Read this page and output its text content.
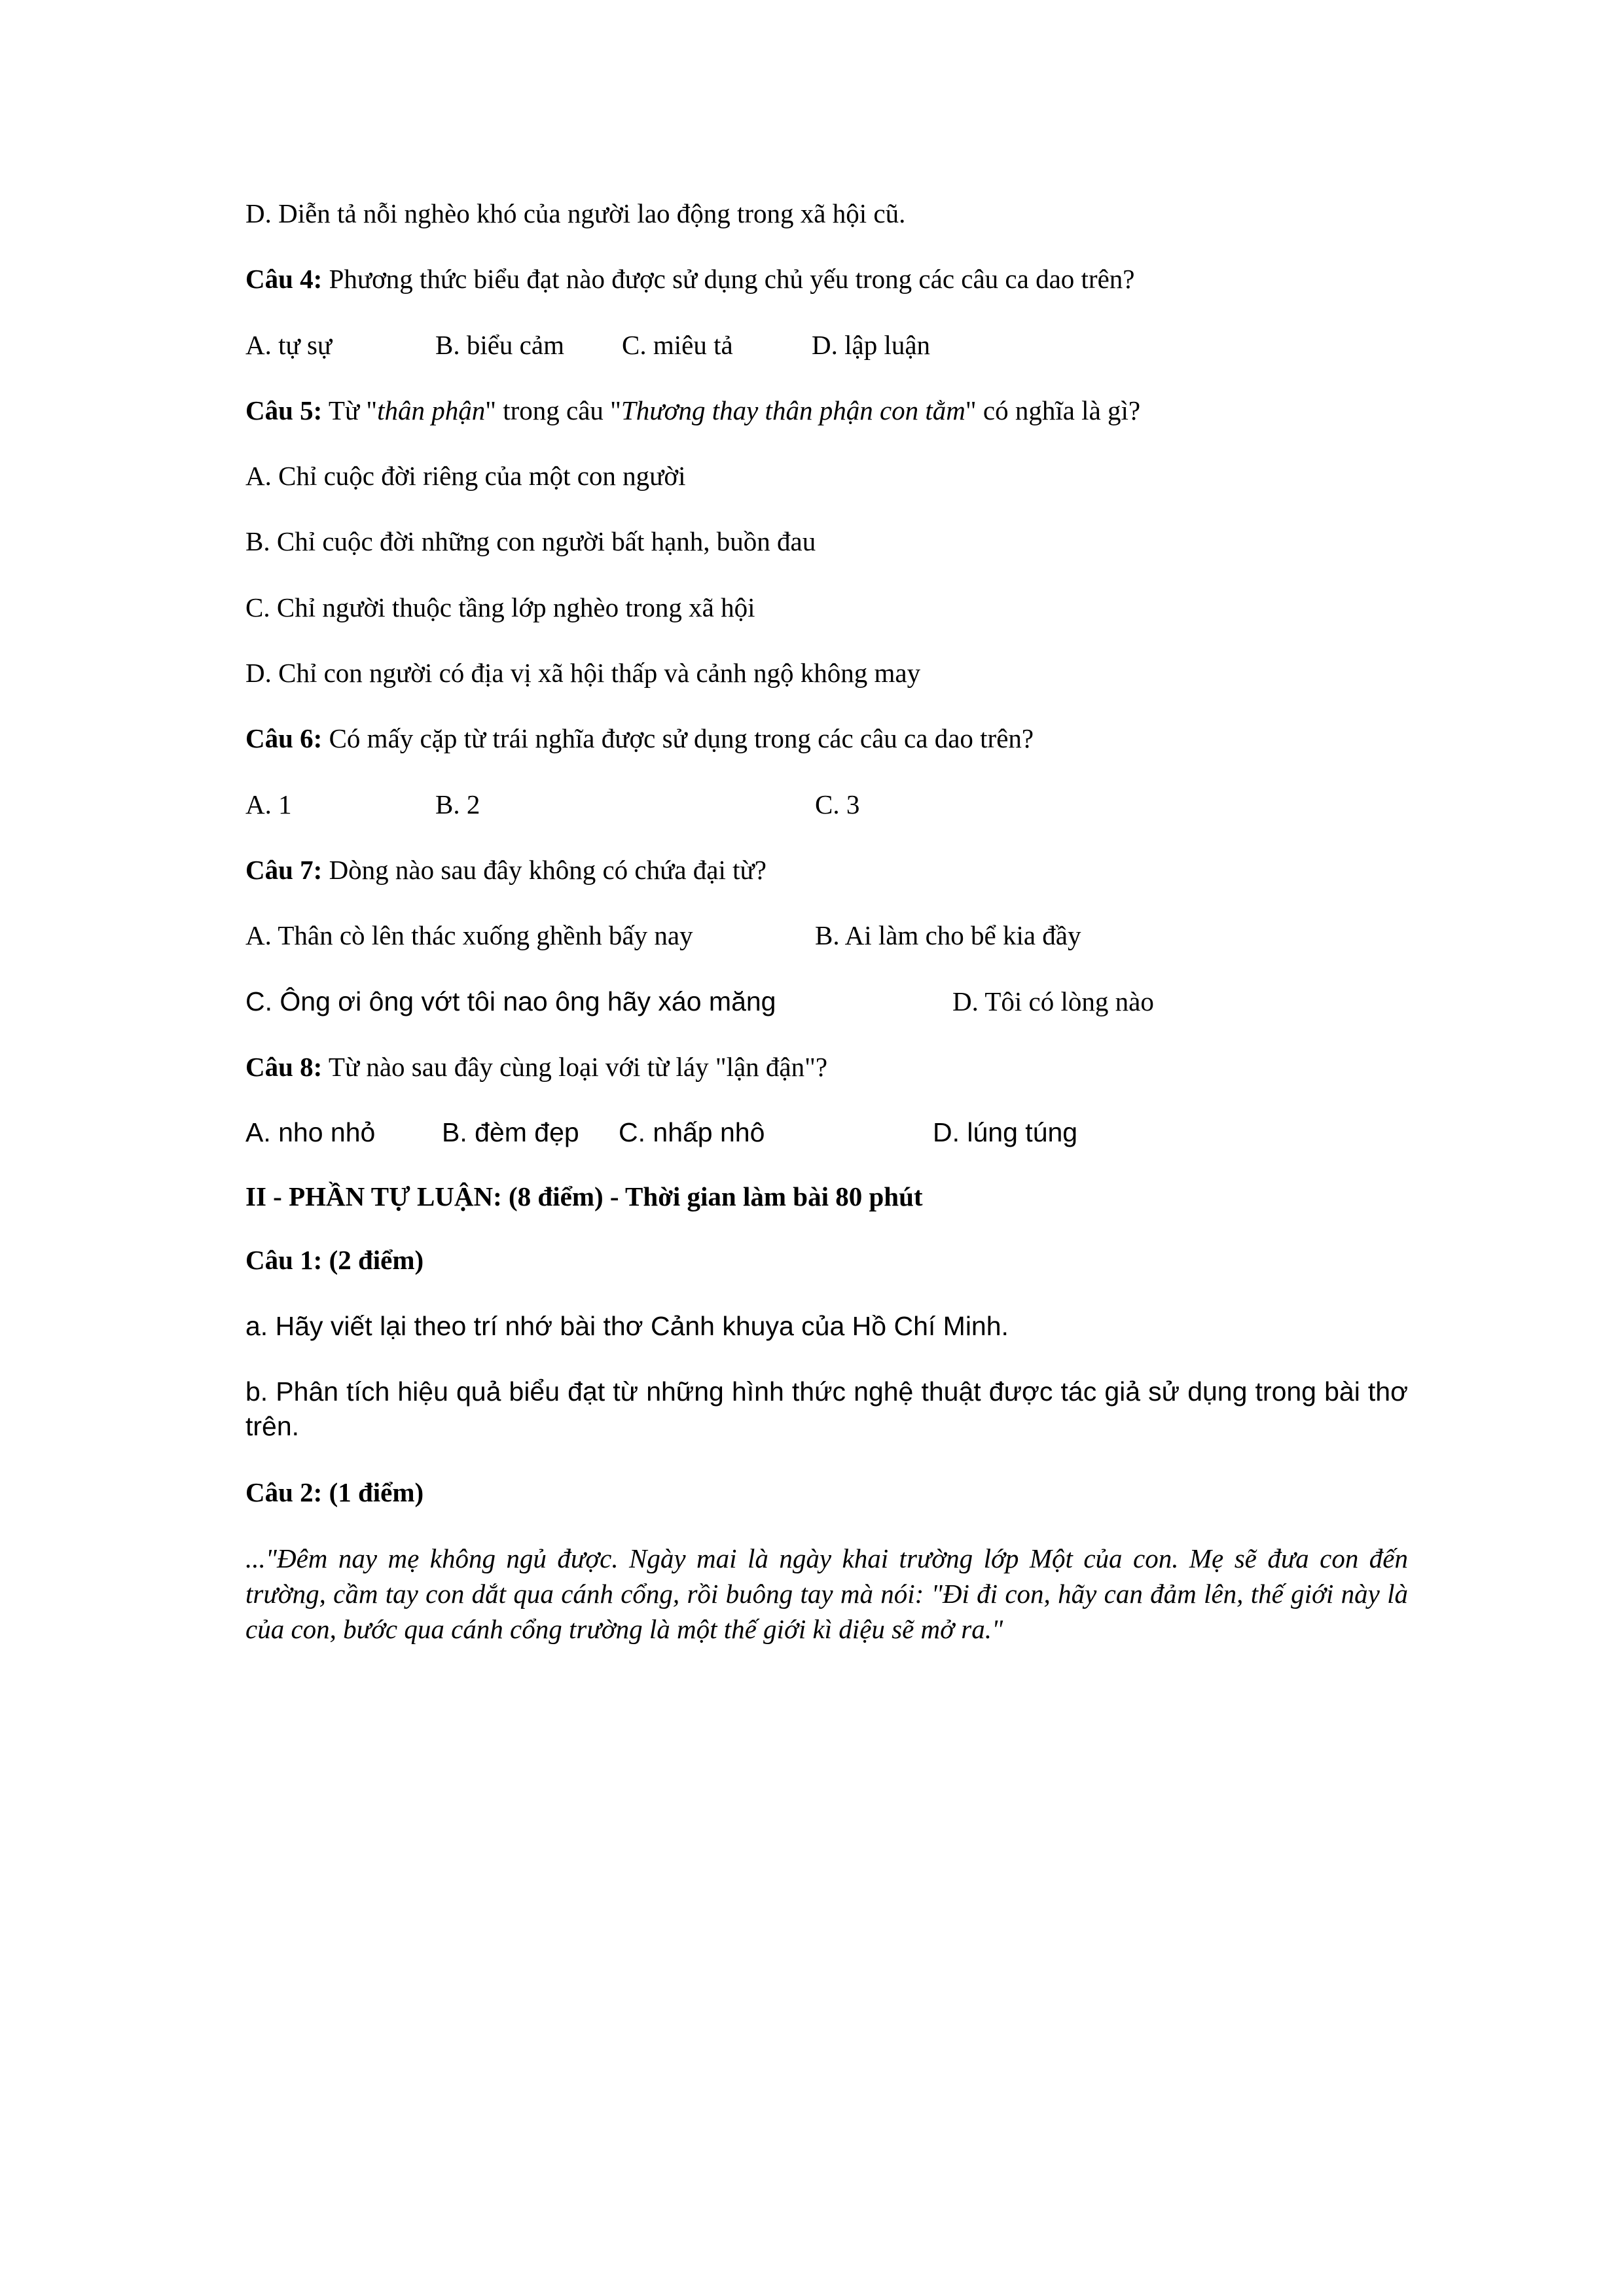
D. Diễn tả nỗi nghèo khó của người lao động trong xã hội cũ.

Câu 4: Phương thức biểu đạt nào được sử dụng chủ yếu trong các câu ca dao trên?

A. tự sự	B. biểu cảm	C. miêu tả	D. lập luận

Câu 5: Từ "thân phận" trong câu "Thương thay thân phận con tằm" có nghĩa là gì?

A. Chỉ cuộc đời riêng của một con người

B. Chỉ cuộc đời những con người bất hạnh, buồn đau

C. Chỉ người thuộc tầng lớp nghèo trong xã hội

D. Chỉ con người có địa vị xã hội thấp và cảnh ngộ không may

Câu 6: Có mấy cặp từ trái nghĩa được sử dụng trong các câu ca dao trên?

A. 1	B. 2	C. 3

Câu 7: Dòng nào sau đây không có chứa đại từ?

A. Thân cò lên thác xuống ghềnh bấy nay	B. Ai làm cho bể kia đầy
C. Ông ơi ông vớt tôi nao ông hãy xáo măng	D. Tôi có lòng nào

Câu 8: Từ nào sau đây cùng loại với từ láy "lận đận"?

A. nho nhỏ	B. đèm đẹp	C. nhấp nhô	D. lúng túng

II - PHẦN TỰ LUẬN: (8 điểm) - Thời gian làm bài 80 phút

Câu 1: (2 điểm)

a. Hãy viết lại theo trí nhớ bài thơ Cảnh khuya của Hồ Chí Minh.

b. Phân tích hiệu quả biểu đạt từ những hình thức nghệ thuật được tác giả sử dụng trong bài thơ trên.

Câu 2: (1 điểm)

..."Đêm nay mẹ không ngủ được. Ngày mai là ngày khai trường lớp Một của con. Mẹ sẽ đưa con đến trường, cầm tay con dắt qua cánh cổng, rồi buông tay mà nói: "Đi đi con, hãy can đảm lên, thế giới này là của con, bước qua cánh cổng trường là một thế giới kì diệu sẽ mở ra."
